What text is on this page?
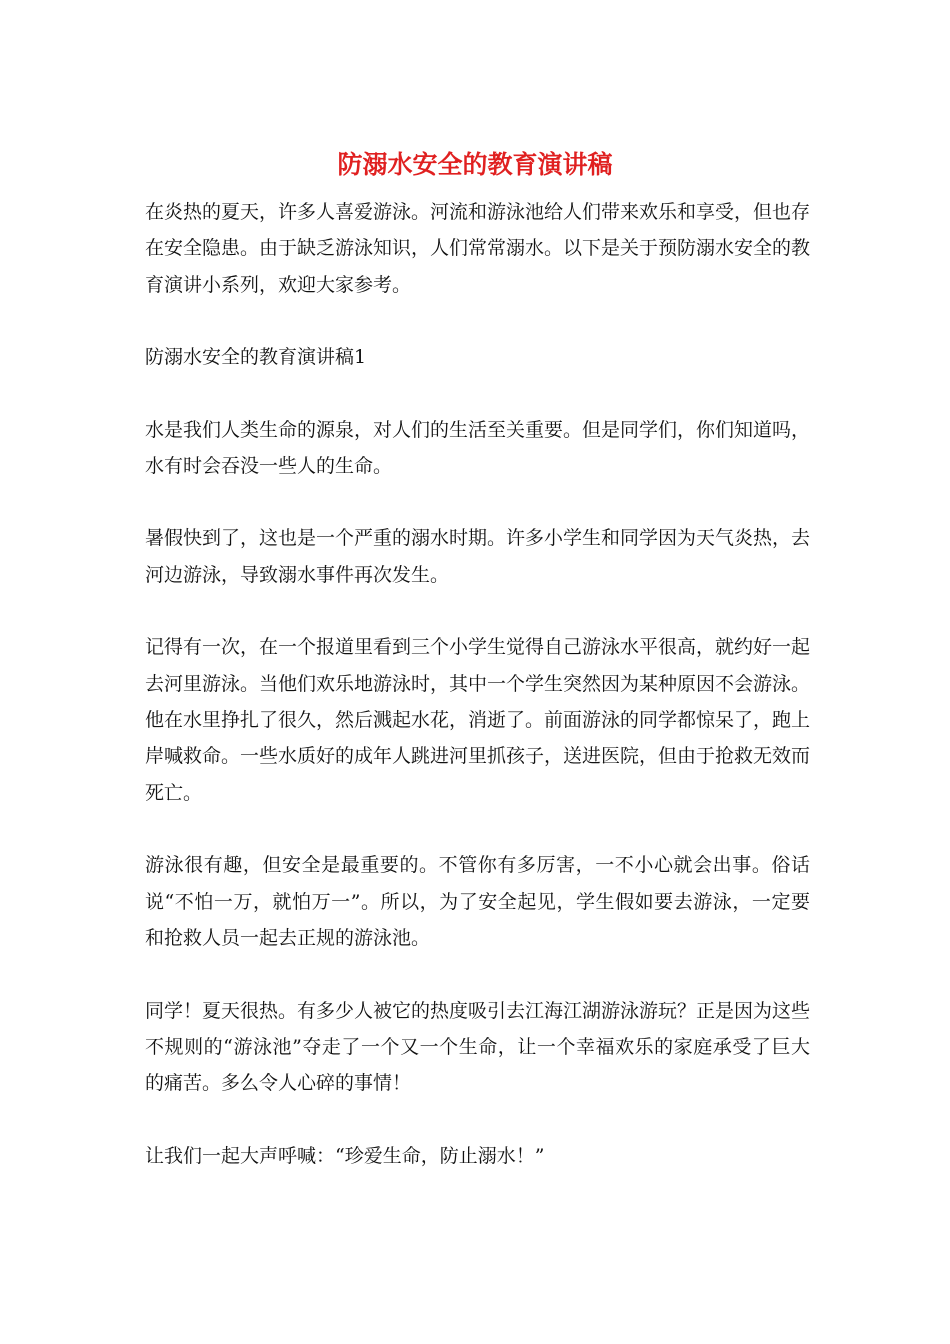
防溺水安全的教育演讲稿

在炎热的夏天，许多人喜爱游泳。河流和游泳池给人们带来欢乐和享受，但也存在安全隐患。由于缺乏游泳知识，人们常常溺水。以下是关于预防溺水安全的教育演讲小系列，欢迎大家参考。

防溺水安全的教育演讲稿1

水是我们人类生命的源泉，对人们的生活至关重要。但是同学们，你们知道吗，水有时会吞没一些人的生命。

暑假快到了，这也是一个严重的溺水时期。许多小学生和同学因为天气炎热，去河边游泳，导致溺水事件再次发生。

记得有一次，在一个报道里看到三个小学生觉得自己游泳水平很高，就约好一起去河里游泳。当他们欢乐地游泳时，其中一个学生突然因为某种原因不会游泳。他在水里挣扎了很久，然后溅起水花，消逝了。前面游泳的同学都惊呆了，跑上岸喊救命。一些水质好的成年人跳进河里抓孩子，送进医院，但由于抢救无效而死亡。

游泳很有趣，但安全是最重要的。不管你有多厉害，一不小心就会出事。俗话说“不怕一万，就怕万一”。所以，为了安全起见，学生假如要去游泳，一定要和抢救人员一起去正规的游泳池。

同学！夏天很热。有多少人被它的热度吸引去江海江湖游泳游玩？正是因为这些不规则的“游泳池”夺走了一个又一个生命，让一个幸福欢乐的家庭承受了巨大的痛苦。多么令人心碎的事情！

让我们一起大声呼喊：“珍爱生命，防止溺水！”
